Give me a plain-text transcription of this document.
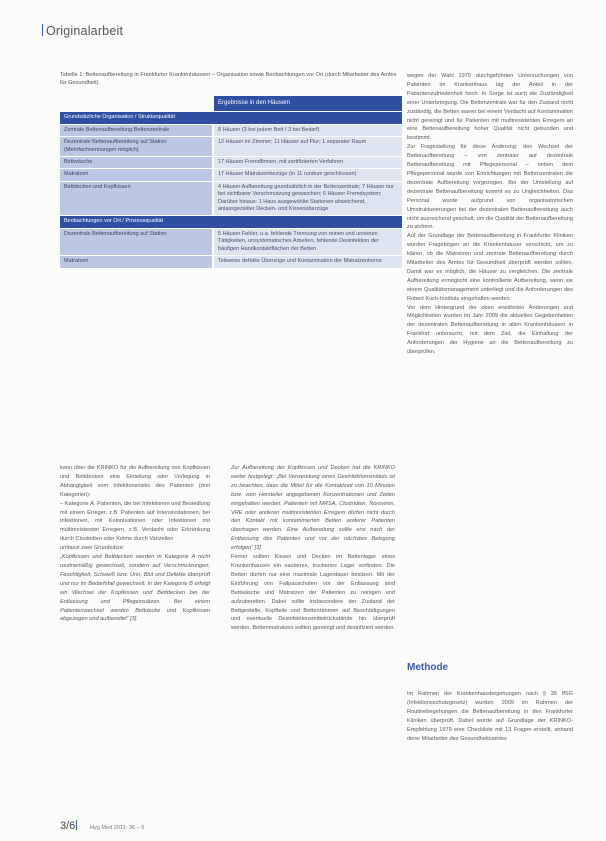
Originalarbeit
Tabelle 1: Bettenaufbereitung in Frankfurter Krankenhäusern – Organisation sowie Beobachtungen vor Ort (durch Mitarbeiter des Amtes für Gesundheit)
	Ergebnisse in den Häusern
Grundsätzliche Organisation / Strukturqualität	
Zentrale Bettenaufbereitung Bettenzentrale	8 Häuser (3 bei jedem Bett / 3 bei Bedarf)
Dezentrale Bettenaufbereitung auf Station (Mehrfachnennungen möglich)	12 Häuser im Zimmer; 11 Häuser auf Flur; 1 separater Raum
Bettwäsche	17 Häuser Fremdfirmen, mit zertifizierten Verfahren
Matratzen	17 Häuser Matratzenbezüge (in 11 rundum geschlossen)
Bettdecken und Kopfkissen	4 Häuser Aufbereitung grundsätzlich in der Bettenzentrale; 7 Häuser nur bei sichtbarer Verschmutzung gewaschen; 6 Häuser Fremdsystem; Darüber hinaus: 1 Haus ausgewählte Stationen abweichend, anlassgezielter Decken- und Kissenüberzüge
Beobachtungen vor Ort / Prozessqualität	
Dezentrale Bettenaufbereitung auf Station	5 Häuser Fehler, u.a. fehlende Trennung von reinen und unreinen Tätigkeiten, unsystematisches Arbeiten, fehlende Desinfektion der häufigen Handkontaktflächen der Betten
Matratzen	Teilweise defekte Überzüge und Kontamination der Matratzenkerne

kann über die KRINKO für die Aufbereitung von Kopfkissen und Bettdecken eine Einteilung oder Verlegung in Abhängigkeit vom Infektionsrisiko des Patienten (drei Kategorien):

– Kategorie A: Patienten, die bei Infektionen und Besiedlung mit einem Erreger, z.B. Patienten auf Intensivstationen, bei Infektionen, mit Kolonisationen oder Infektionen mit multiresistenten Erregern, z.B. Verdacht oder Erkrankung durch Clostridien oder Keime durch Varizellen

umfasst zwei Grundsätze:

„Kopfkissen und Bettdecken werden in Kategorie A nicht routinemäßig gewechselt, sondern auf Verschmutzungen, Feuchtigkeit, Schweiß bzw. Urin, Blut und Defekte überprüft und nur im Bedarfsfall gewechselt. In der Kategorie B erfolgt ein Wechsel der Kopfkissen und Bettdecken bei der Entlassung und Pflegeinsätzen. Bei einem Patientenwechsel werden Bettdecke und Kopfkissen abgezogen und aufbereitet“ [3].

Zur Aufbereitung der Kopfkissen und Decken hat die KRINKO weiter festgelegt: „Bei Verwendung eines Desinfektionsmittels ist zu beachten, dass die Mittel für die Kontaktzeit von 10 Minuten bzw. vom Hersteller angegebenen Konzentrationen und Zeiten eingehalten werden. Patienten mit MRSA, Clostridien, Noroviren, VRE oder anderen multiresistenten Erregern dürfen nicht durch den Kontakt mit kontaminierten Betten anderer Patienten übertragen werden. Eine Aufbereitung sollte erst nach der Entlassung des Patienten und vor der nächsten Belegung erfolgen“ [3].

Ferner sollten Kissen und Decken im Bettenlager eines Krankenhauses ein sauberes, trockenes Lager vorfinden. Die Betten dürfen nur eine maximale Lagerdauer besitzen. Mit der Einführung von Fallpauschalen vor der Entlassung sind Bettwäsche und Matratzen der Patienten zu reinigen und aufzubereiten. Dabei sollte insbesondere der Zustand der Bettgestelle, Kopfteile und Bettenrahmen auf Beschädigungen und eventuelle Desinfektionsmittelrückstände hin überprüft werden. Bettenmatratzen sollten gereinigt und desinfiziert werden.

wegen der Wahl 1979 durchgeführten Untersuchungen von Patienten im Krankenhaus lag der Anteil in der Patientenzufriedenheit hoch. In Sorge ist auch die Zuständigkeit einer Unterbringung. Die Bettenzentrale war für den Zustand nicht zuständig, die Betten waren bei einem Verdacht auf Kontamination nicht gereinigt und für Patienten mit multiresistenten Erregern an eine Bettenaufbereitung hoher Qualität nicht gebunden und bestimmt.

Zur Fragestellung für diese Änderung: den Wechsel der Bettenaufbereitung – von zentraler auf dezentrale Bettenaufbereitung mit Pflegepersonal – neben dem Pflegepersonal wurde von Einrichtungen mit Bettenzentralen die dezentrale Aufbereitung vorgezogen. Bei der Umstellung auf dezentrale Bettenaufbereitung kommt es zu Ungleichheiten. Das Personal wurde aufgrund von organisatorischen Umstrukturierungen bei der dezentralen Bettenaufbereitung auch nicht ausreichend geschult, um die Qualität der Bettenaufbereitung zu sichern.

Auf der Grundlage der Bettenaufbereitung in Frankfurter Kliniken wurden Fragebögen an die Krankenhäuser verschickt, um zu klären, ob die Matratzen und zentrale Bettenaufbereitung durch Mitarbeiter des Amtes für Gesundheit überprüft werden sollten. Damit war es möglich, die Häuser zu vergleichen. Die zentrale Aufbereitung ermöglicht eine kontrollierte Aufbereitung, wenn sie einem Qualitätsmanagement unterliegt und die Anforderungen des Robert Koch-Instituts eingehalten werden.

Vor dem Hintergrund der oben erwähnten Änderungen und Möglichkeiten wurden im Jahr 2009 die aktuellen Gegebenheiten der dezentralen Bettenaufbereitung in allen Krankenhäusern in Frankfurt untersucht, mit dem Ziel, die Einhaltung der Anforderungen der Hygiene an die Bettenaufbereitung zu überprüfen.

Methode

Im Rahmen der Krankenhausbegehungen nach § 36 IfSG (Infektionsschutzgesetz) wurden 2009 im Rahmen der Routinebegehungen die Bettenaufbereitung in den Frankfurter Kliniken überprüft. Dabei wurde auf Grundlage der KRINKO-Empfehlung 1979 eine Checkliste mit 13 Fragen erstellt, anhand derer Mitarbeiter des Gesundheitsamtes

3/6	Hyg Med 2011; 36 – 5
